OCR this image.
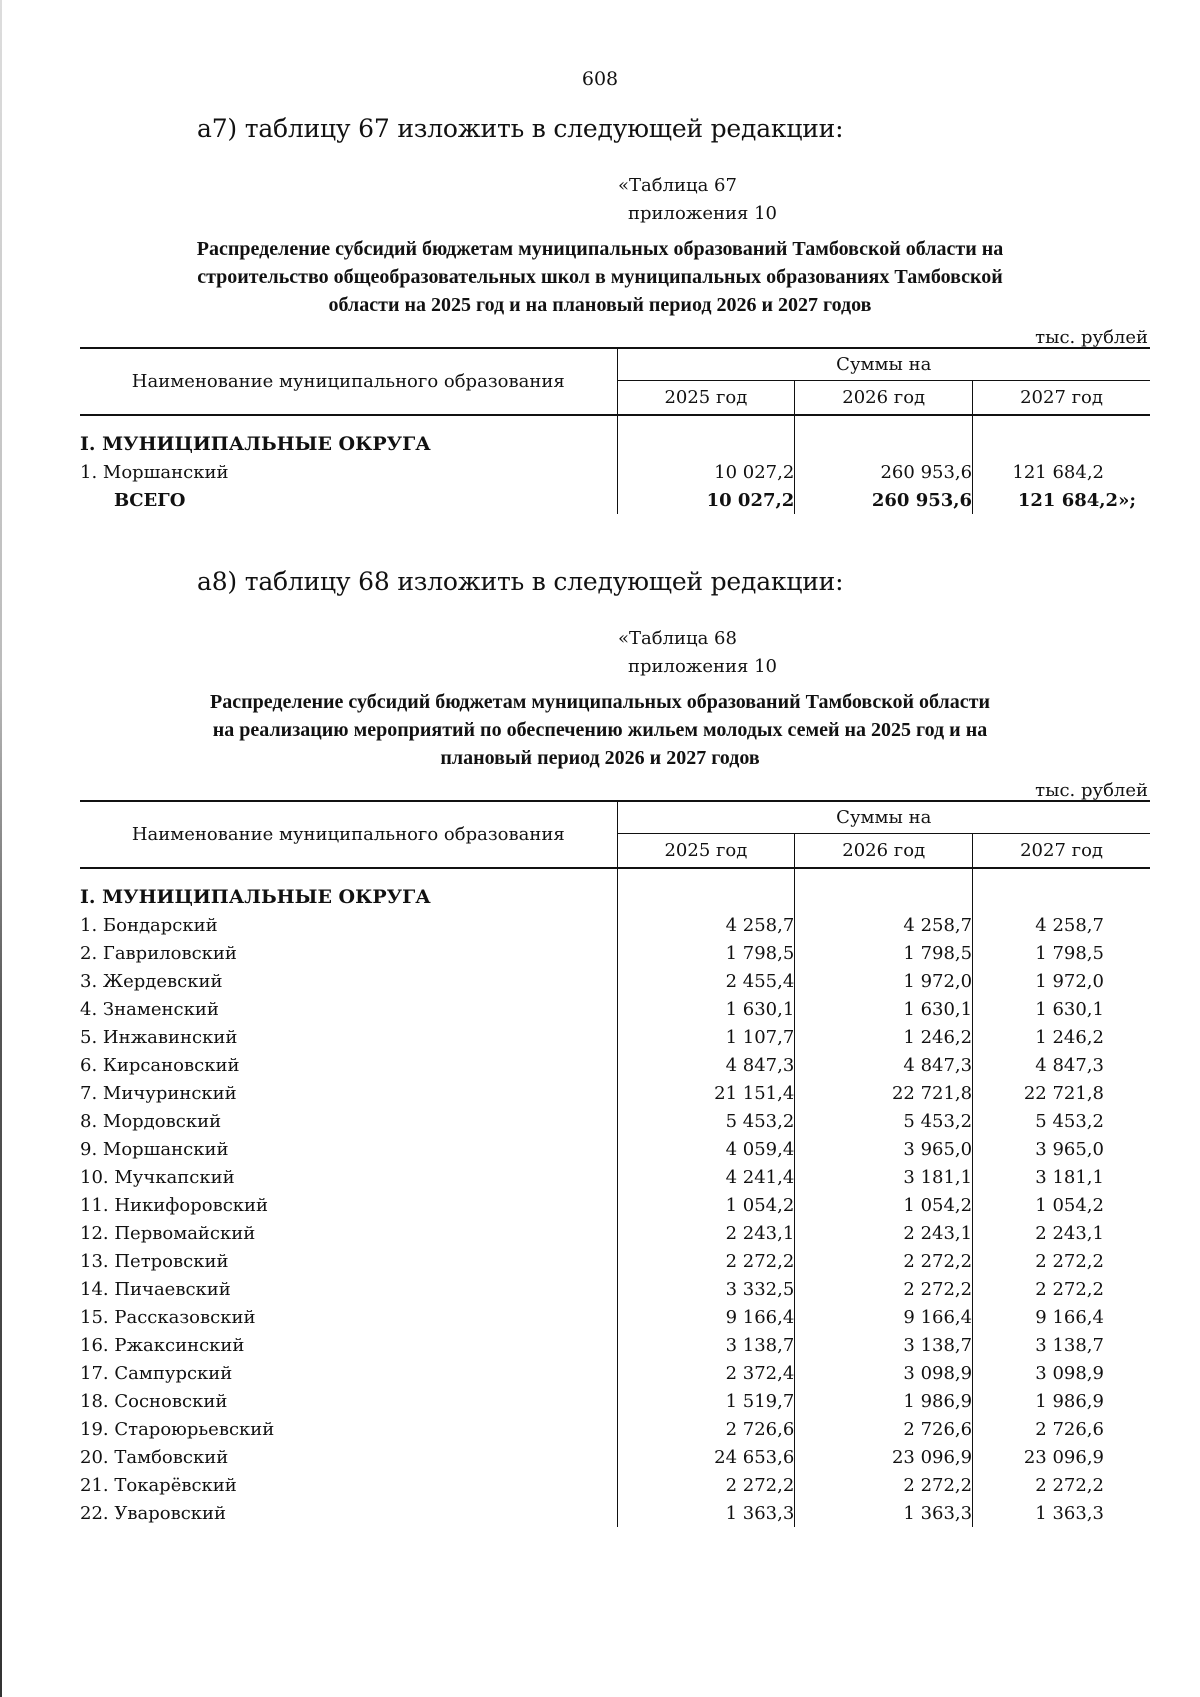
608
а7) таблицу 67 изложить в следующей редакции:
«Таблица 67
приложения 10
Распределение субсидий бюджетам муниципальных образований Тамбовской области на
строительство общеобразовательных школ в муниципальных образованиях Тамбовской
области на 2025 год и на плановый период 2026 и 2027 годов
тыс. рублей
Наименование муниципального образования	Суммы на		
	2025 год	2026 год	2027 год
I. МУНИЦИПАЛЬНЫЕ ОКРУГА			
1. Моршанский	10 027,2	260 953,6	121 684,2
ВСЕГО	10 027,2	260 953,6	121 684,2»;
а8) таблицу 68 изложить в следующей редакции:
«Таблица 68
приложения 10
Распределение субсидий бюджетам муниципальных образований Тамбовской области
на реализацию мероприятий по обеспечению жильем молодых семей на 2025 год и на
плановый период 2026 и 2027 годов
тыс. рублей
Наименование муниципального образования	Суммы на		
	2025 год	2026 год	2027 год
I. МУНИЦИПАЛЬНЫЕ ОКРУГА			
1. Бондарский	4 258,7	4 258,7	4 258,7
2. Гавриловский	1 798,5	1 798,5	1 798,5
3. Жердевский	2 455,4	1 972,0	1 972,0
4. Знаменский	1 630,1	1 630,1	1 630,1
5. Инжавинский	1 107,7	1 246,2	1 246,2
6. Кирсановский	4 847,3	4 847,3	4 847,3
7. Мичуринский	21 151,4	22 721,8	22 721,8
8. Мордовский	5 453,2	5 453,2	5 453,2
9. Моршанский	4 059,4	3 965,0	3 965,0
10. Мучкапский	4 241,4	3 181,1	3 181,1
11. Никифоровский	1 054,2	1 054,2	1 054,2
12. Первомайский	2 243,1	2 243,1	2 243,1
13. Петровский	2 272,2	2 272,2	2 272,2
14. Пичаевский	3 332,5	2 272,2	2 272,2
15. Рассказовский	9 166,4	9 166,4	9 166,4
16. Ржаксинский	3 138,7	3 138,7	3 138,7
17. Сампурский	2 372,4	3 098,9	3 098,9
18. Сосновский	1 519,7	1 986,9	1 986,9
19. Староюрьевский	2 726,6	2 726,6	2 726,6
20. Тамбовский	24 653,6	23 096,9	23 096,9
21. Токарёвский	2 272,2	2 272,2	2 272,2
22. Уваровский	1 363,3	1 363,3	1 363,3
